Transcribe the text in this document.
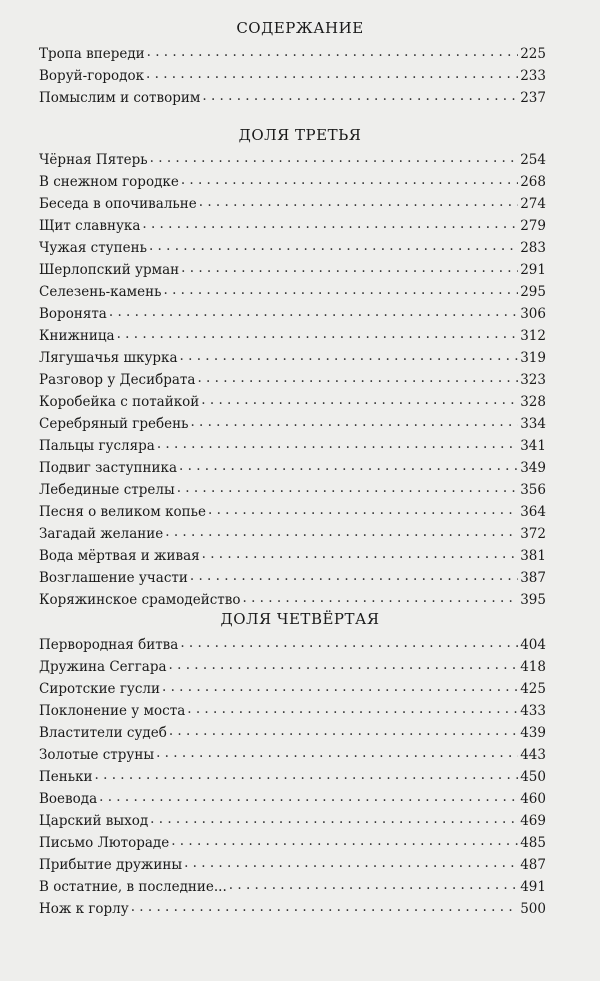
СОДЕРЖАНИЕ
Тропа впереди . . .	225
Воруй-городок . . .	233
Помыслим и сотворим . . .	237
ДОЛЯ ТРЕТЬЯ
Чёрная Пятерь . . .	254
В снежном городке . . .	268
Беседа в опочивальне . . .	274
Щит славнука . . .	279
Чужая ступень . . .	283
Шерлопский урман . . .	291
Селезень-камень . . .	295
Воронята . . .	306
Книжница . . .	312
Лягушачья шкурка . . .	319
Разговор у Десибрата . . .	323
Коробейка с потайкой . . .	328
Серебряный гребень . . .	334
Пальцы гусляра . . .	341
Подвиг заступника . . .	349
Лебединые стрелы . . .	356
Песня о великом копье . . .	364
Загадай желание . . .	372
Вода мёртвая и живая . . .	381
Возглашение участи . . .	387
Коряжинское срамодейство . . .	395
ДОЛЯ ЧЕТВЁРТАЯ
Первородная битва . . .	404
Дружина Сеггара . . .	418
Сиротские гусли . . .	425
Поклонение у моста . . .	433
Властители судеб . . .	439
Золотые струны . . .	443
Пеньки . . .	450
Воевода . . .	460
Царский выход . . .	469
Письмо Лютораде . . .	485
Прибытие дружины . . .	487
В остатние, в последние... . . .	491
Нож к горлу . . .	500
